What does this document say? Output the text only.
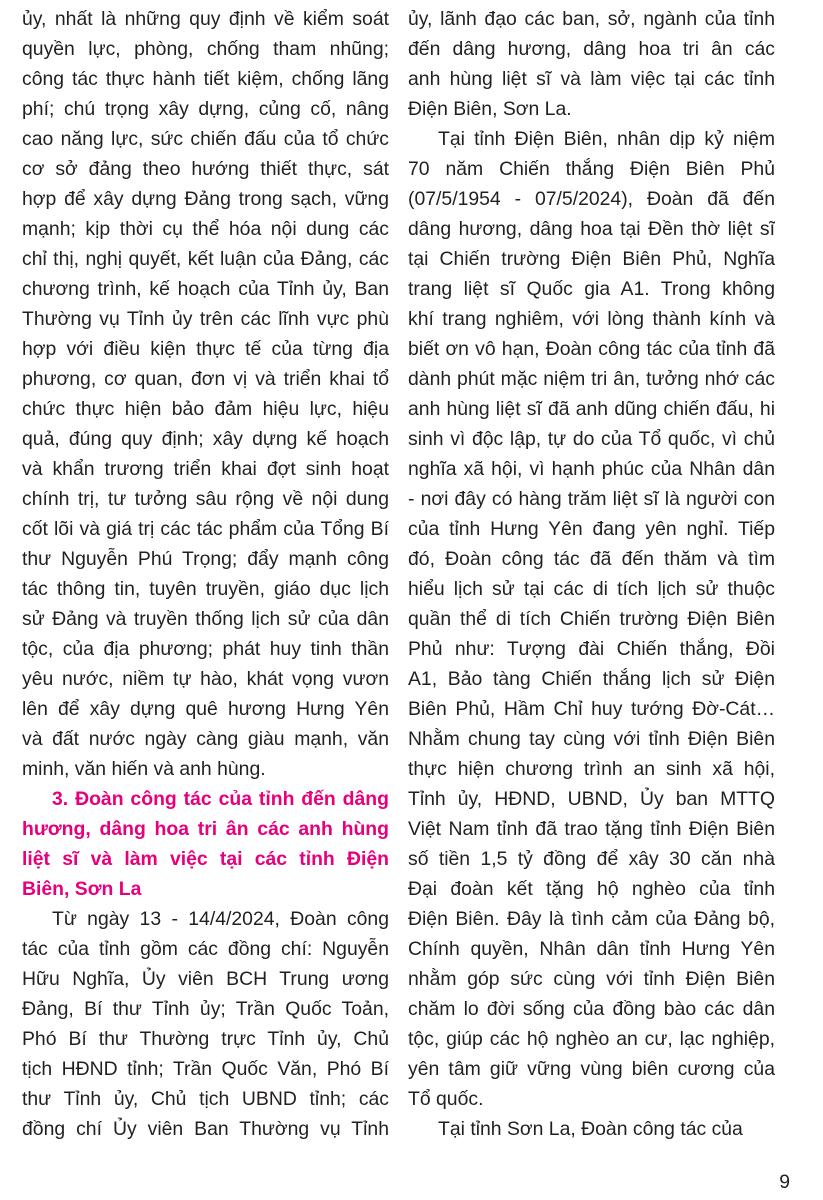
ủy, nhất là những quy định về kiểm soát
quyền lực, phòng, chống tham nhũng;
công tác thực hành tiết kiệm, chống lãng
phí; chú trọng xây dựng, củng cố, nâng
cao năng lực, sức chiến đấu của tổ chức
cơ sở đảng theo hướng thiết thực, sát
hợp để xây dựng Đảng trong sạch, vững
mạnh; kịp thời cụ thể hóa nội dung các
chỉ thị, nghị quyết, kết luận của Đảng, các
chương trình, kế hoạch của Tỉnh ủy, Ban
Thường vụ Tỉnh ủy trên các lĩnh vực phù
hợp với điều kiện thực tế của từng địa
phương, cơ quan, đơn vị và triển khai tổ
chức thực hiện bảo đảm hiệu lực, hiệu
quả, đúng quy định; xây dựng kế hoạch
và khẩn trương triển khai đợt sinh hoạt
chính trị, tư tưởng sâu rộng về nội dung
cốt lõi và giá trị các tác phẩm của Tổng Bí
thư Nguyễn Phú Trọng; đẩy mạnh công
tác thông tin, tuyên truyền, giáo dục lịch
sử Đảng và truyền thống lịch sử của dân
tộc, của địa phương; phát huy tinh thần
yêu nước, niềm tự hào, khát vọng vươn
lên để xây dựng quê hương Hưng Yên
và đất nước ngày càng giàu mạnh, văn
minh, văn hiến và anh hùng.
3. Đoàn công tác của tỉnh đến dâng
hương, dâng hoa tri ân các anh hùng
liệt sĩ và làm việc tại các tỉnh Điện
Biên, Sơn La
Từ ngày 13 - 14/4/2024, Đoàn công
tác của tỉnh gồm các đồng chí: Nguyễn
Hữu Nghĩa, Ủy viên BCH Trung ương
Đảng, Bí thư Tỉnh ủy; Trần Quốc Toản,
Phó Bí thư Thường trực Tỉnh ủy, Chủ
tịch HĐND tỉnh; Trần Quốc Văn, Phó Bí
thư Tỉnh ủy, Chủ tịch UBND tỉnh; các
đồng chí Ủy viên Ban Thường vụ Tỉnh
ủy, lãnh đạo các ban, sở, ngành của tỉnh
đến dâng hương, dâng hoa tri ân các
anh hùng liệt sĩ và làm việc tại các tỉnh
Điện Biên, Sơn La.
Tại tỉnh Điện Biên, nhân dịp kỷ niệm
70 năm Chiến thắng Điện Biên Phủ
(07/5/1954 - 07/5/2024), Đoàn đã đến
dâng hương, dâng hoa tại Đền thờ liệt sĩ
tại Chiến trường Điện Biên Phủ, Nghĩa
trang liệt sĩ Quốc gia A1. Trong không
khí trang nghiêm, với lòng thành kính và
biết ơn vô hạn, Đoàn công tác của tỉnh đã
dành phút mặc niệm tri ân, tưởng nhớ các
anh hùng liệt sĩ đã anh dũng chiến đấu, hi
sinh vì độc lập, tự do của Tổ quốc, vì chủ
nghĩa xã hội, vì hạnh phúc của Nhân dân
- nơi đây có hàng trăm liệt sĩ là người con
của tỉnh Hưng Yên đang yên nghỉ. Tiếp
đó, Đoàn công tác đã đến thăm và tìm
hiểu lịch sử tại các di tích lịch sử thuộc
quần thể di tích Chiến trường Điện Biên
Phủ như: Tượng đài Chiến thắng, Đồi
A1, Bảo tàng Chiến thắng lịch sử Điện
Biên Phủ, Hầm Chỉ huy tướng Đờ-Cát…
Nhằm chung tay cùng với tỉnh Điện Biên
thực hiện chương trình an sinh xã hội,
Tỉnh ủy, HĐND, UBND, Ủy ban MTTQ
Việt Nam tỉnh đã trao tặng tỉnh Điện Biên
số tiền 1,5 tỷ đồng để xây 30 căn nhà
Đại đoàn kết tặng hộ nghèo của tỉnh
Điện Biên. Đây là tình cảm của Đảng bộ,
Chính quyền, Nhân dân tỉnh Hưng Yên
nhằm góp sức cùng với tỉnh Điện Biên
chăm lo đời sống của đồng bào các dân
tộc, giúp các hộ nghèo an cư, lạc nghiệp,
yên tâm giữ vững vùng biên cương của
Tổ quốc.
Tại tỉnh Sơn La, Đoàn công tác của
9
